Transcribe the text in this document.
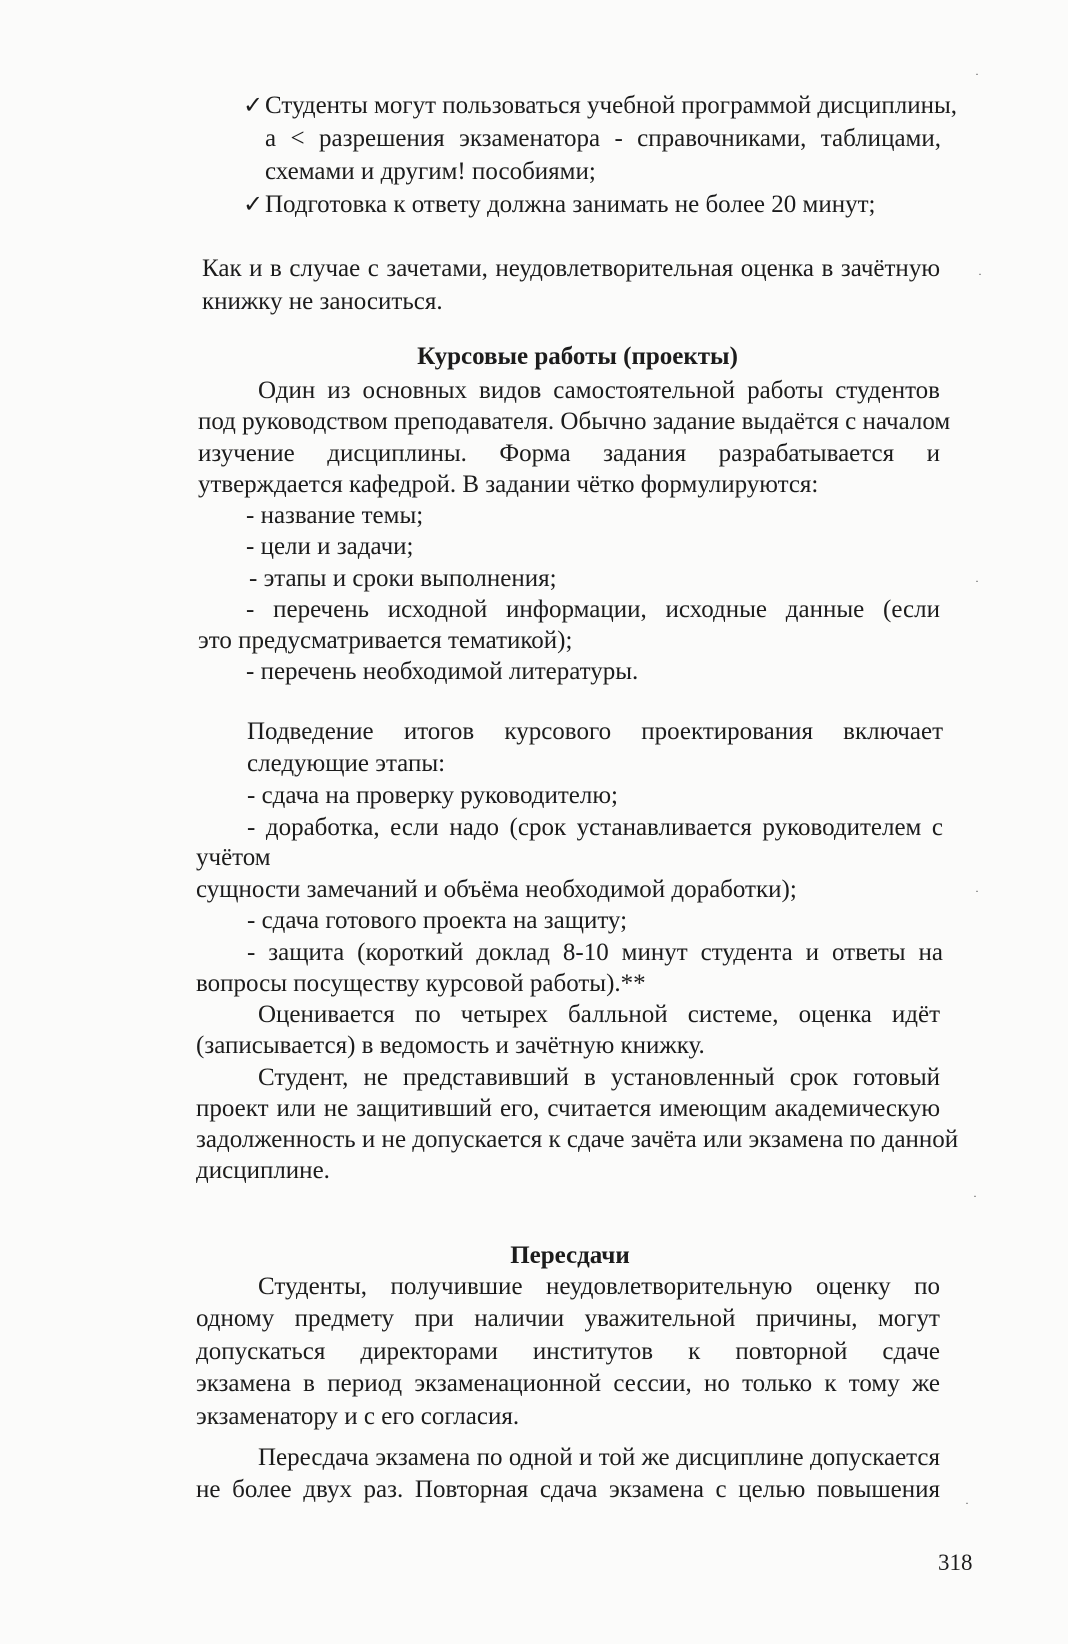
✓ Студенты могут пользоваться учебной программой дисциплины,
а < разрешения экзаменатора - справочниками, таблицами,
схемами и другим! пособиями;
✓ Подготовка к ответу должна занимать не более 20 минут;
Как и в случае с зачетами, неудовлетворительная оценка в зачётную
книжку не заноситься.
Курсовые работы (проекты)
Один из основных видов самостоятельной работы студентов
под руководством преподавателя. Обычно задание выдаётся с началом
изучение дисциплины. Форма задания разрабатывается и
утверждается кафедрой. В задании чётко формулируются:
- название темы;
- цели и задачи;
- этапы и сроки выполнения;
- перечень исходной информации, исходные данные (если
это предусматривается тематикой);
- перечень необходимой литературы.
Подведение итогов курсового проектирования включает
следующие этапы:
- сдача на проверку руководителю;
- доработка, если надо (срок устанавливается руководителем с
учётом
сущности замечаний и объёма необходимой доработки);
- сдача готового проекта на защиту;
- защита (короткий доклад 8-10 минут студента и ответы на
вопросы посуществу курсовой работы).**
Оценивается по четырех балльной системе, оценка идёт
(записывается) в ведомость и зачётную книжку.
Студент, не представивший в установленный срок готовый
проект или не защитивший его, считается имеющим академическую
задолженность и не допускается к сдаче зачёта или экзамена по данной
дисциплине.
Пересдачи
Студенты, получившие неудовлетворительную оценку по
одному предмету при наличии уважительной причины, могут
допускаться директорами институтов к повторной сдаче
экзамена в период экзаменационной сессии, но только к тому же
экзаменатору и с его согласия.
Пересдача экзамена по одной и той же дисциплине допускается
не более двух раз. Повторная сдача экзамена с целью повышения
318
·
·
·
·
·
·
